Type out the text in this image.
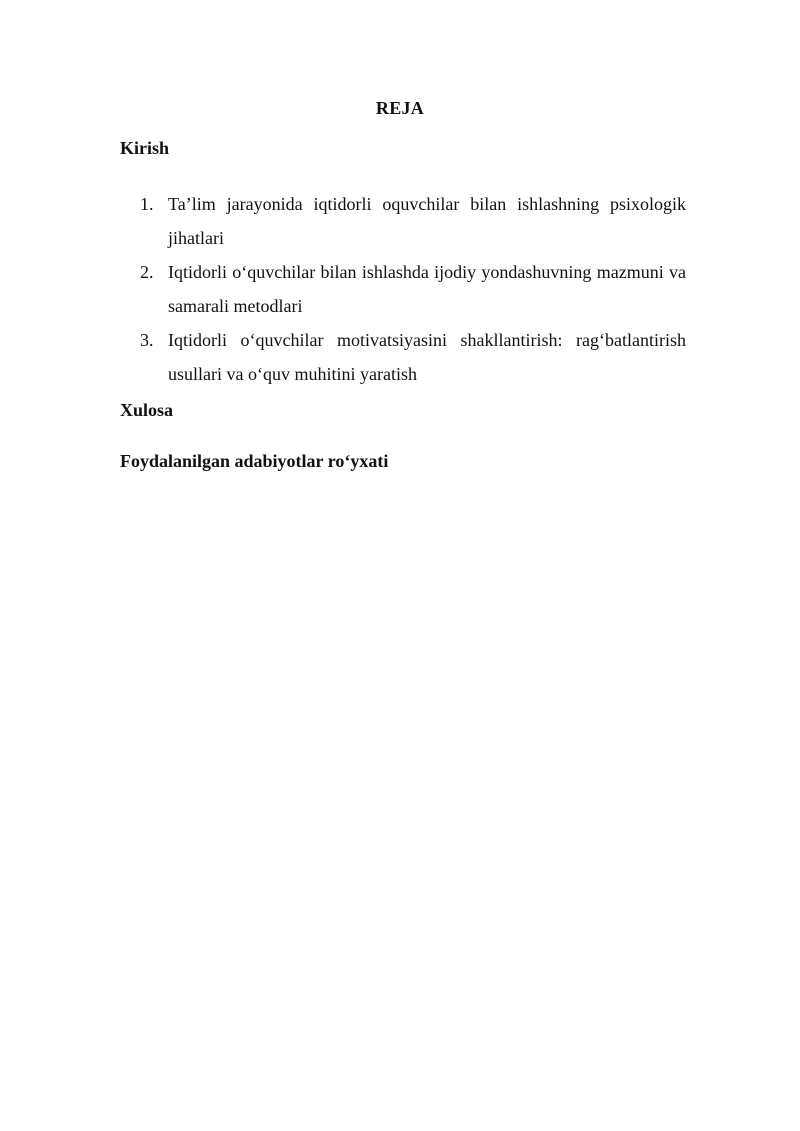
REJA
Kirish
1. Ta’lim jarayonida iqtidorli oquvchilar bilan ishlashning psixologik jihatlari
2. Iqtidorli o‘quvchilar bilan ishlashda ijodiy yondashuvning mazmuni va samarali metodlari
3. Iqtidorli o‘quvchilar motivatsiyasini shakllantirish: rag‘batlantirish usullari va o‘quv muhitini yaratish
Xulosa
Foydalanilgan adabiyotlar ro‘yxati
